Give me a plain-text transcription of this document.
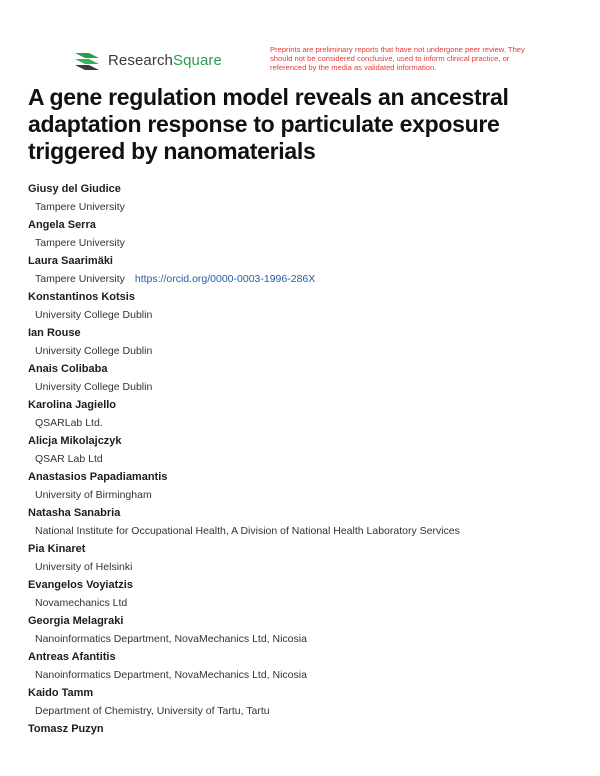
ResearchSquare
Preprints are preliminary reports that have not undergone peer review. They should not be considered conclusive, used to inform clinical practice, or referenced by the media as validated information.
A gene regulation model reveals an ancestral adaptation response to particulate exposure triggered by nanomaterials
Giusy del Giudice
Tampere University
Angela Serra
Tampere University
Laura Saarimäki
Tampere University https://orcid.org/0000-0003-1996-286X
Konstantinos Kotsis
University College Dublin
Ian Rouse
University College Dublin
Anais Colibaba
University College Dublin
Karolina Jagiello
QSARLab Ltd.
Alicja Mikolajczyk
QSAR Lab Ltd
Anastasios Papadiamantis
University of Birmingham
Natasha Sanabria
National Institute for Occupational Health, A Division of National Health Laboratory Services
Pia Kinaret
University of Helsinki
Evangelos Voyiatzis
Novamechanics Ltd
Georgia Melagraki
Nanoinformatics Department, NovaMechanics Ltd, Nicosia
Antreas Afantitis
Nanoinformatics Department, NovaMechanics Ltd, Nicosia
Kaido Tamm
Department of Chemistry, University of Tartu, Tartu
Tomasz Puzyn
